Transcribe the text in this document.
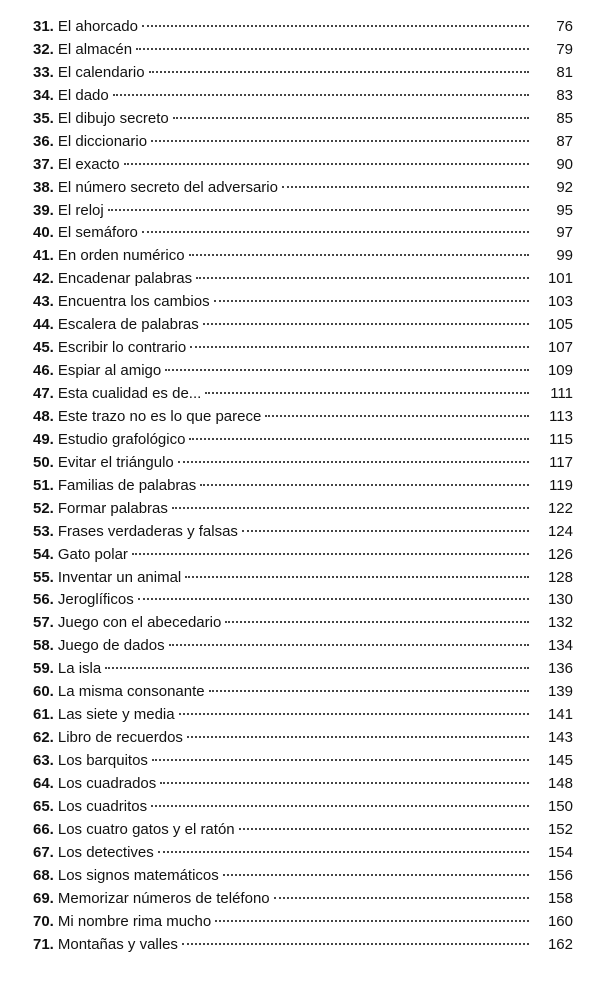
31. El ahorcado	76
32. El almacén	79
33. El calendario	81
34. El dado	83
35. El dibujo secreto	85
36. El diccionario	87
37. El exacto	90
38. El número secreto del adversario	92
39. El reloj	95
40. El semáforo	97
41. En orden numérico	99
42. Encadenar palabras	101
43. Encuentra los cambios	103
44. Escalera de palabras	105
45. Escribir lo contrario	107
46. Espiar al amigo	109
47. Esta cualidad es de...	111
48. Este trazo no es lo que parece	113
49. Estudio grafológico	115
50. Evitar el triángulo	117
51. Familias de palabras	119
52. Formar palabras	122
53. Frases verdaderas y falsas	124
54. Gato polar	126
55. Inventar un animal	128
56. Jeroglíficos	130
57. Juego con el abecedario	132
58. Juego de dados	134
59. La isla	136
60. La misma consonante	139
61. Las siete y media	141
62. Libro de recuerdos	143
63. Los barquitos	145
64. Los cuadrados	148
65. Los cuadritos	150
66. Los cuatro gatos y el ratón	152
67. Los detectives	154
68. Los signos matemáticos	156
69. Memorizar números de teléfono	158
70. Mi nombre rima mucho	160
71. Montañas y valles	162
